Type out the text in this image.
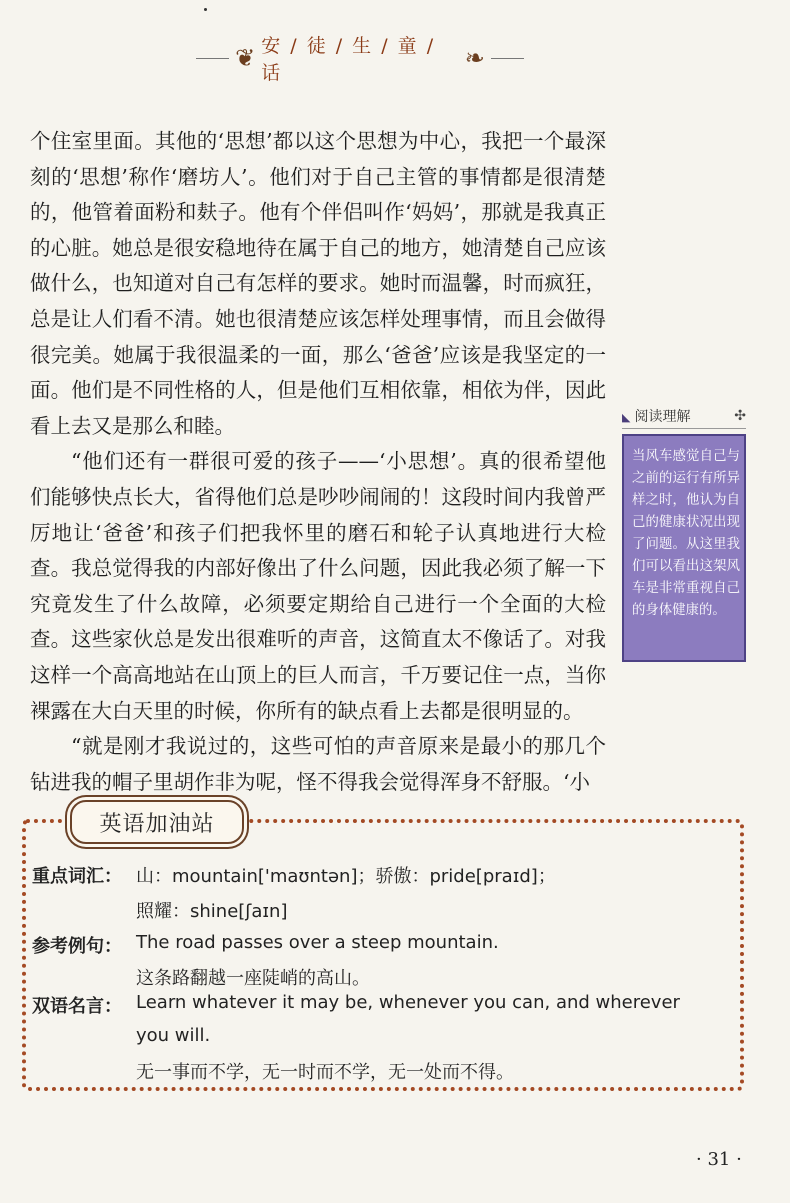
❦ 安 / 徒 / 生 / 童 / 话
❧

个住室里面。其他的‘思想’都以这个思想为中心，我把一个最深刻的‘思想’称作‘磨坊人’。他们对于自己主管的事情都是很清楚的，他管着面粉和麸子。他有个伴侣叫作‘妈妈’，那就是我真正的心脏。她总是很安稳地待在属于自己的地方，她清楚自己应该做什么，也知道对自己有怎样的要求。她时而温馨，时而疯狂，总是让人们看不清。她也很清楚应该怎样处理事情，而且会做得很完美。她属于我很温柔的一面，那么‘爸爸’应该是我坚定的一面。他们是不同性格的人，但是他们互相依靠，相依为伴，因此看上去又是那么和睦。

“他们还有一群很可爱的孩子——‘小思想’。真的很希望他们能够快点长大，省得他们总是吵吵闹闹的！这段时间内我曾严厉地让‘爸爸’和孩子们把我怀里的磨石和轮子认真地进行大检查。我总觉得我的内部好像出了什么问题，因此我必须了解一下究竟发生了什么故障，必须要定期给自己进行一个全面的大检查。这些家伙总是发出很难听的声音，这简直太不像话了。对我这样一个高高地站在山顶上的巨人而言，千万要记住一点，当你裸露在大白天里的时候，你所有的缺点看上去都是很明显的。

“就是刚才我说过的，这些可怕的声音原来是最小的那几个钻进我的帽子里胡作非为呢，怪不得我会觉得浑身不舒服。‘小

◣ 阅读理解	✣
当风车感觉自己与之前的运行有所异样之时，他认为自己的健康状况出现了问题。从这里我们可以看出这架风车是非常重视自己的身体健康的。
英语加油站
重点词汇： 山：mountain['maʊntən]；骄傲：pride[praɪd]；
照耀：shine[ʃaɪn]
参考例句： The road passes over a steep mountain.
这条路翻越一座陡峭的高山。
双语名言： Learn whatever it may be, whenever you can, and wherever
you will.
无一事而不学，无一时而不学，无一处而不得。
· 31 ·
